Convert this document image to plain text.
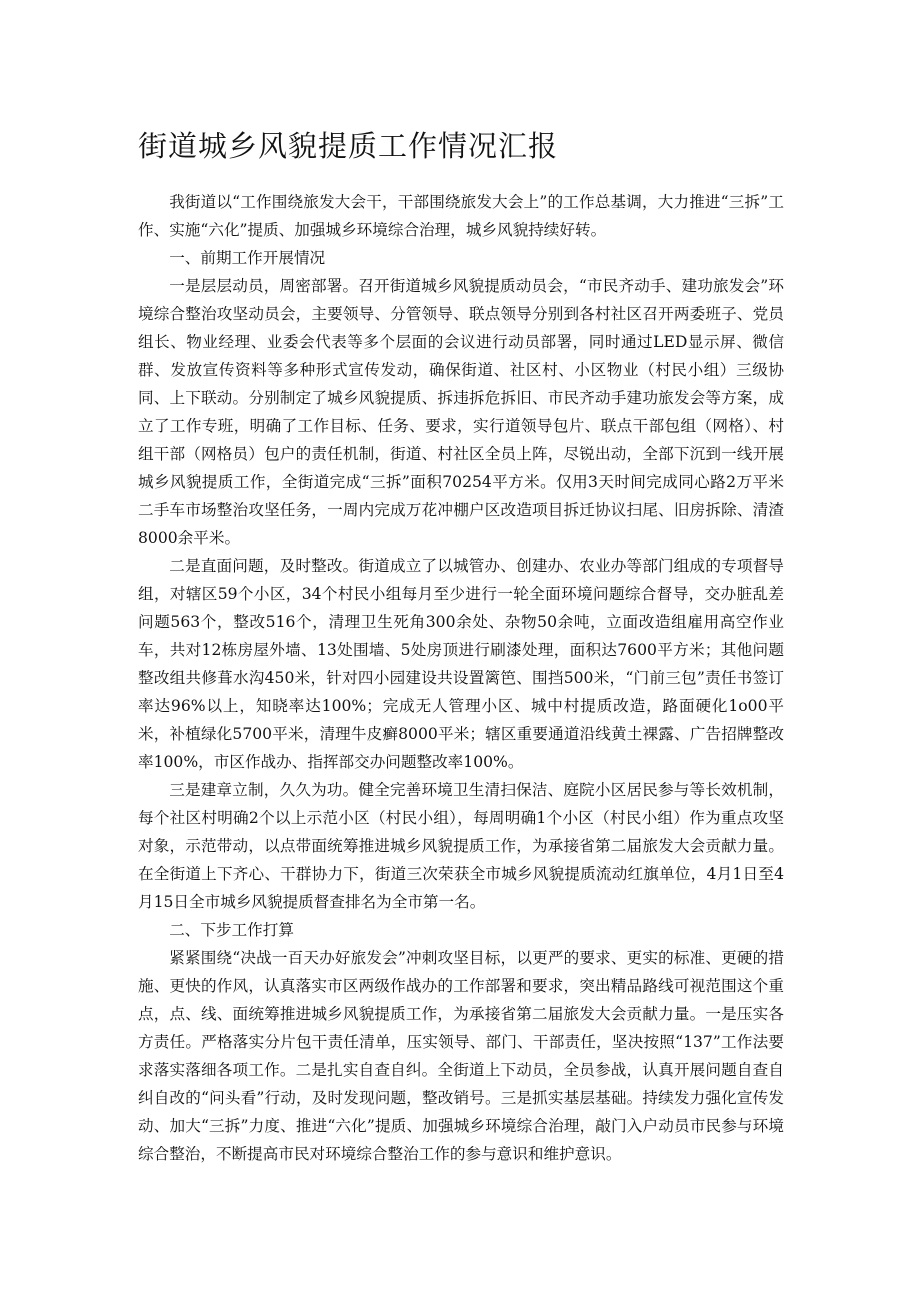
街道城乡风貌提质工作情况汇报

我街道以“工作围绕旅发大会干，干部围绕旅发大会上”的工作总基调，大力推进“三拆”工作、实施“六化”提质、加强城乡环境综合治理，城乡风貌持续好转。

一、前期工作开展情况

一是层层动员，周密部署。召开街道城乡风貌提质动员会，“市民齐动手、建功旅发会”环境综合整治攻坚动员会，主要领导、分管领导、联点领导分别到各村社区召开两委班子、党员组长、物业经理、业委会代表等多个层面的会议进行动员部署，同时通过LED显示屏、微信群、发放宣传资料等多种形式宣传发动，确保街道、社区村、小区物业（村民小组）三级协同、上下联动。分别制定了城乡风貌提质、拆违拆危拆旧、市民齐动手建功旅发会等方案，成立了工作专班，明确了工作目标、任务、要求，实行道领导包片、联点干部包组（网格）、村组干部（网格员）包户的责任机制，街道、村社区全员上阵，尽锐出动，全部下沉到一线开展城乡风貌提质工作，全街道完成“三拆”面积70254平方米。仅用3天时间完成同心路2万平米二手车市场整治攻坚任务，一周内完成万花冲棚户区改造项目拆迁协议扫尾、旧房拆除、清渣8000余平米。

二是直面问题，及时整改。街道成立了以城管办、创建办、农业办等部门组成的专项督导组，对辖区59个小区，34个村民小组每月至少进行一轮全面环境问题综合督导，交办脏乱差问题563个，整改516个，清理卫生死角300余处、杂物50余吨，立面改造组雇用高空作业车，共对12栋房屋外墙、13处围墙、5处房顶进行刷漆处理，面积达7600平方米；其他问题整改组共修葺水沟450米，针对四小园建设共设置篱笆、围挡500米，“门前三包”责任书签订率达96%以上，知晓率达100%；完成无人管理小区、城中村提质改造，路面硬化1o00平米，补植绿化5700平米，清理牛皮癣8000平米；辖区重要通道沿线黄土裸露、广告招牌整改率100%，市区作战办、指挥部交办问题整改率100%。

三是建章立制，久久为功。健全完善环境卫生清扫保洁、庭院小区居民参与等长效机制，每个社区村明确2个以上示范小区（村民小组），每周明确1个小区（村民小组）作为重点攻坚对象，示范带动，以点带面统筹推进城乡风貌提质工作，为承接省第二届旅发大会贡献力量。在全街道上下齐心、干群协力下，街道三次荣获全市城乡风貌提质流动红旗单位，4月1日至4月15日全市城乡风貌提质督查排名为全市第一名。

二、下步工作打算

紧紧围绕“决战一百天办好旅发会”冲刺攻坚目标，以更严的要求、更实的标准、更硬的措施、更快的作风，认真落实市区两级作战办的工作部署和要求，突出精品路线可视范围这个重点，点、线、面统筹推进城乡风貌提质工作，为承接省第二届旅发大会贡献力量。一是压实各方责任。严格落实分片包干责任清单，压实领导、部门、干部责任，坚决按照“137”工作法要求落实落细各项工作。二是扎实自查自纠。全街道上下动员，全员参战，认真开展问题自查自纠自改的“问头看”行动，及时发现问题，整改销号。三是抓实基层基础。持续发力强化宣传发动、加大“三拆”力度、推进“六化”提质、加强城乡环境综合治理，敲门入户动员市民参与环境综合整治，不断提高市民对环境综合整治工作的参与意识和维护意识。
